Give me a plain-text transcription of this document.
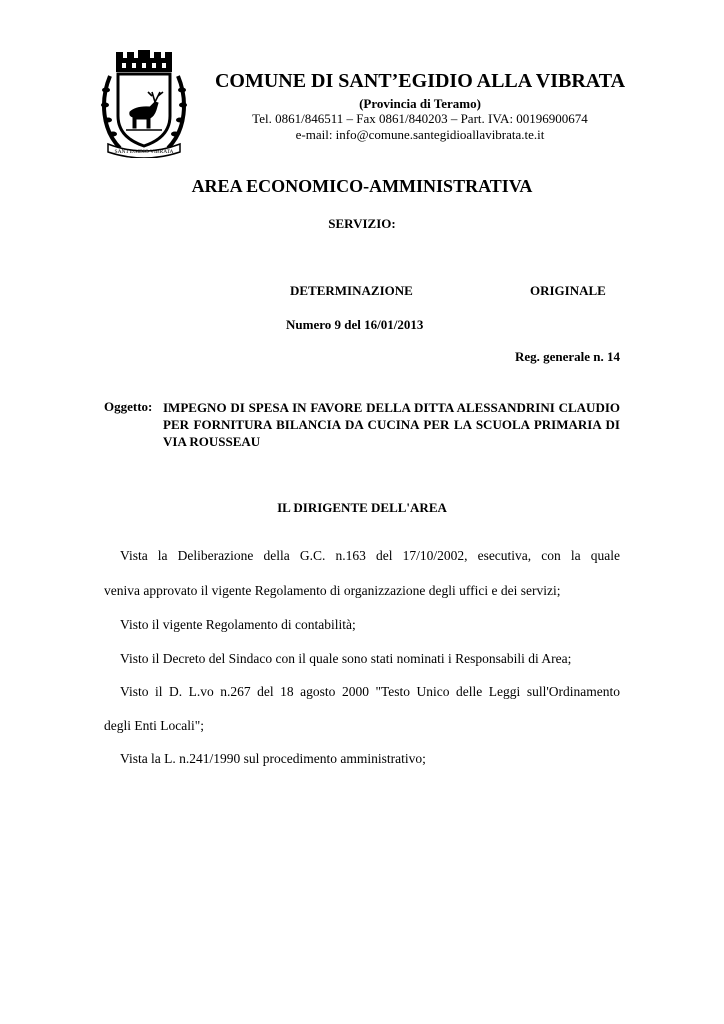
SANT'EGIDIO VIBRATA
COMUNE DI SANT’EGIDIO ALLA VIBRATA
(Provincia di Teramo)
Tel. 0861/846511 – Fax 0861/840203 – Part. IVA: 00196900674
e-mail: info@comune.santegidioallavibrata.te.it
AREA ECONOMICO-AMMINISTRATIVA
SERVIZIO:
DETERMINAZIONE	ORIGINALE
Numero 9 del 16/01/2013
Reg. generale n. 14
Oggetto: IMPEGNO DI SPESA IN FAVORE DELLA DITTA ALESSANDRINI CLAUDIO PER FORNITURA BILANCIA DA CUCINA PER LA SCUOLA PRIMARIA DI VIA ROUSSEAU
IL DIRIGENTE DELL'AREA
Vista la Deliberazione della G.C. n.163 del 17/10/2002, esecutiva, con la quale
veniva approvato il vigente Regolamento di organizzazione degli uffici e dei servizi;
Visto il vigente Regolamento di contabilità;
Visto il Decreto del Sindaco con il quale sono stati nominati i Responsabili di Area;
Visto il D. L.vo n.267 del 18 agosto 2000 "Testo Unico delle Leggi sull'Ordinamento
degli Enti Locali";
Vista la L. n.241/1990 sul procedimento amministrativo;
